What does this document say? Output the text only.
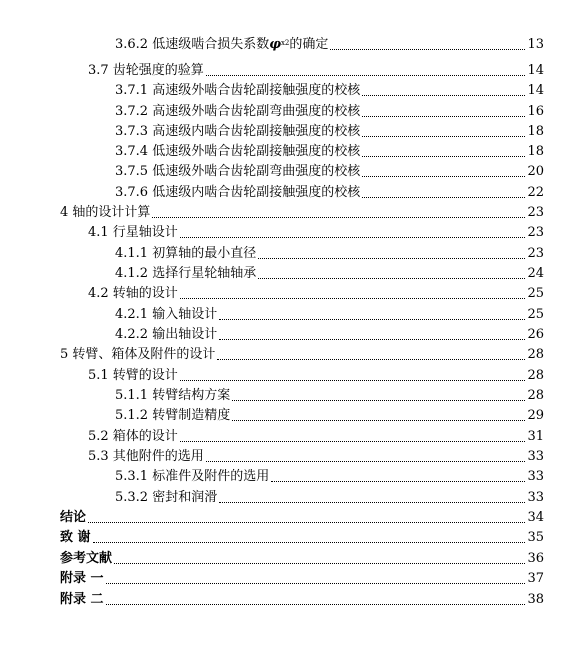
3.6.2 低速级啮合损失系数$\varphi^{x2}$的确定	13
3.7 齿轮强度的验算	14
3.7.1 高速级外啮合齿轮副接触强度的校核	14
3.7.2 高速级外啮合齿轮副弯曲强度的校核	16
3.7.3 高速级内啮合齿轮副接触强度的校核	18
3.7.4 低速级外啮合齿轮副接触强度的校核	18
3.7.5 低速级外啮合齿轮副弯曲强度的校核	20
3.7.6 低速级内啮合齿轮副接触强度的校核	22
4 轴的设计计算	23
4.1 行星轴设计	23
4.1.1 初算轴的最小直径	23
4.1.2 选择行星轮轴轴承	24
4.2 转轴的设计	25
4.2.1 输入轴设计	25
4.2.2 输出轴设计	26
5 转臂、箱体及附件的设计	28
5.1 转臂的设计	28
5.1.1 转臂结构方案	28
5.1.2 转臂制造精度	29
5.2 箱体的设计	31
5.3 其他附件的选用	33
5.3.1 标准件及附件的选用	33
5.3.2 密封和润滑	33
结论	34
致 谢	35
参考文献	36
附录 一	37
附录 二	38
